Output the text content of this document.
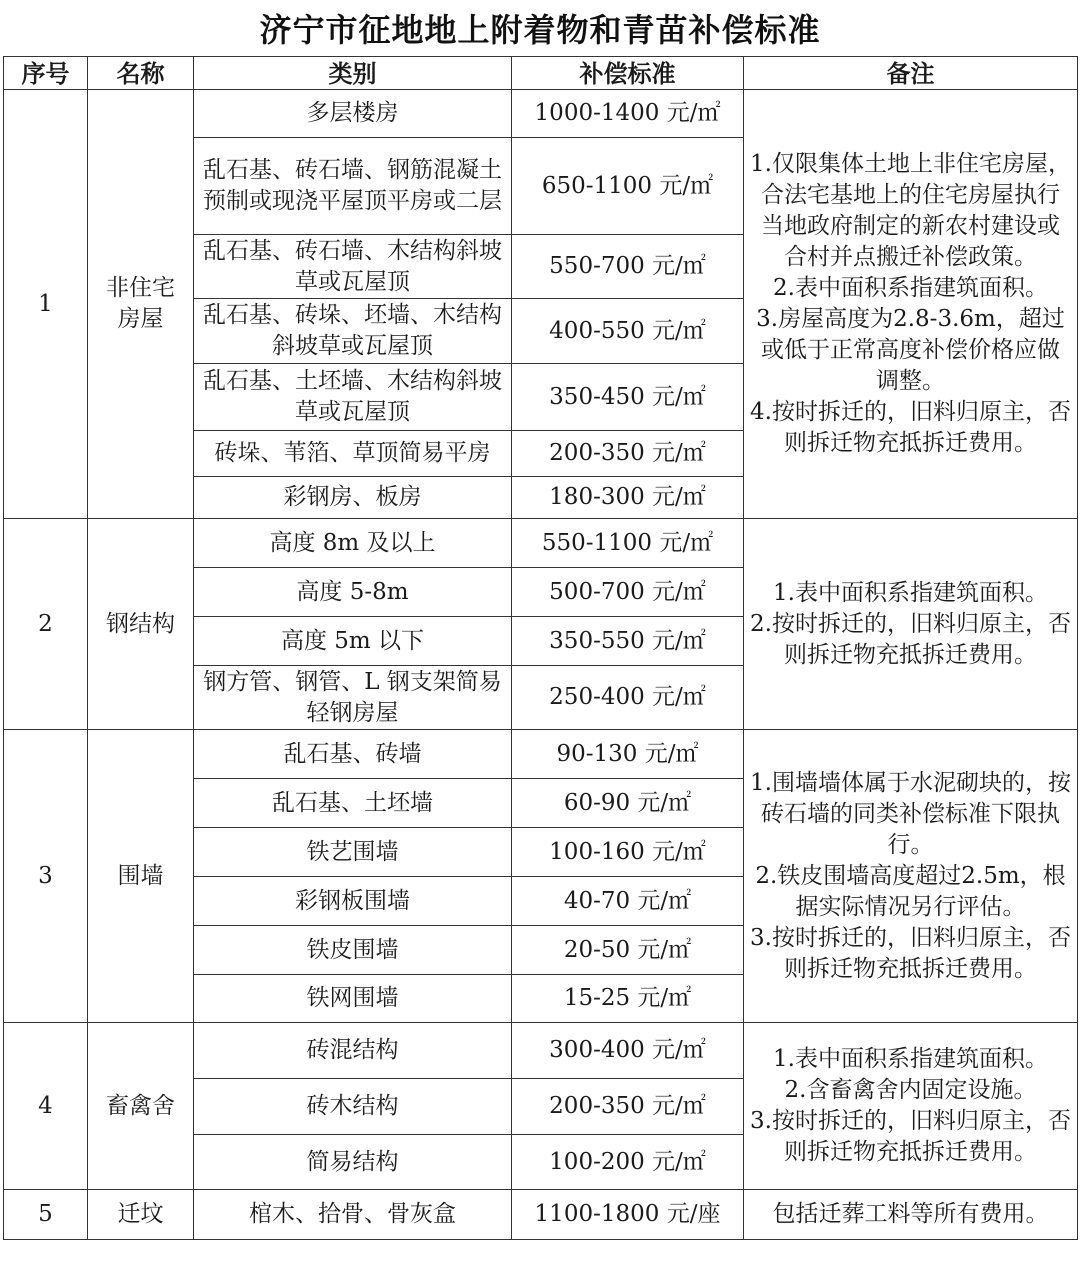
济宁市征地地上附着物和青苗补偿标准
序号	名称	类别	补偿标准	备注
1	非住宅房屋	多层楼房	1000-1400 元/㎡	1.仅限集体土地上非住宅房屋，合法宅基地上的住宅房屋执行当地政府制定的新农村建设或合村并点搬迁补偿政策。
2.表中面积系指建筑面积。
3.房屋高度为2.8-3.6m，超过或低于正常高度补偿价格应做调整。
4.按时拆迁的，旧料归原主，否则拆迁物充抵拆迁费用。

		乱石基、砖石墙、钢筋混凝土预制或现浇平屋顶平房或二层	650-1100 元/㎡	
		乱石基、砖石墙、木结构斜坡草或瓦屋顶	550-700 元/㎡	
		乱石基、砖垛、坯墙、木结构斜坡草或瓦屋顶	400-550 元/㎡	
		乱石基、土坯墙、木结构斜坡草或瓦屋顶	350-450 元/㎡	
		砖垛、苇箔、草顶简易平房	200-350 元/㎡	
		彩钢房、板房	180-300 元/㎡	
2	钢结构	高度 8m 及以上	550-1100 元/㎡	1.表中面积系指建筑面积。
2.按时拆迁的，旧料归原主，否则拆迁物充抵拆迁费用。

		高度 5-8m	500-700 元/㎡	
		高度 5m 以下	350-550 元/㎡	
		钢方管、钢管、L 钢支架简易轻钢房屋	250-400 元/㎡	
3	围墙	乱石基、砖墙	90-130 元/㎡	1.围墙墙体属于水泥砌块的，按砖石墙的同类补偿标准下限执行。
2.铁皮围墙高度超过2.5m，根据实际情况另行评估。
3.按时拆迁的，旧料归原主，否则拆迁物充抵拆迁费用。

		乱石基、土坯墙	60-90 元/㎡	
		铁艺围墙	100-160 元/㎡	
		彩钢板围墙	40-70 元/㎡	
		铁皮围墙	20-50 元/㎡	
		铁网围墙	15-25 元/㎡	
4	畜禽舍	砖混结构	300-400 元/㎡	1.表中面积系指建筑面积。
2.含畜禽舍内固定设施。
3.按时拆迁的，旧料归原主，否则拆迁物充抵拆迁费用。

		砖木结构	200-350 元/㎡	
		简易结构	100-200 元/㎡	
5	迁坟	棺木、拾骨、骨灰盒	1100-1800 元/座	包括迁葬工料等所有费用。
